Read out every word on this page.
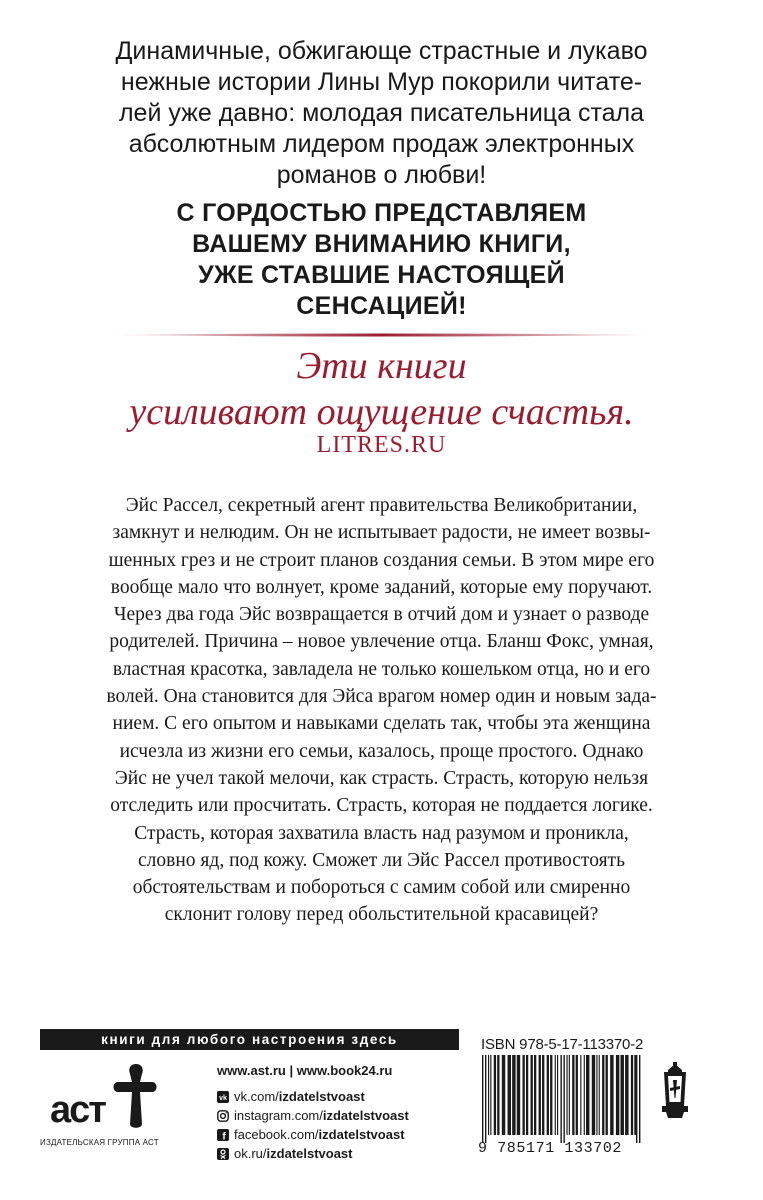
Динамичные, обжигающе страстные и лукаво
нежные истории Лины Мур покорили читате-
лей уже давно: молодая писательница стала
абсолютным лидером продаж электронных
романов о любви!
С ГОРДОСТЬЮ ПРЕДСТАВЛЯЕМ
ВАШЕМУ ВНИМАНИЮ КНИГИ,
УЖЕ СТАВШИЕ НАСТОЯЩЕЙ
СЕНСАЦИЕЙ!
Эти книги
усиливают ощущение счастья.
LITRES.RU
Эйс Рассел, секретный агент правительства Великобритании,
замкнут и нелюдим. Он не испытывает радости, не имеет возвы-
шенных грез и не строит планов создания семьи. В этом мире его
вообще мало что волнует, кроме заданий, которые ему поручают.
Через два года Эйс возвращается в отчий дом и узнает о разводе
родителей. Причина – новое увлечение отца. Бланш Фокс, умная,
властная красотка, завладела не только кошельком отца, но и его
волей. Она становится для Эйса врагом номер один и новым зада-
нием. С его опытом и навыками сделать так, чтобы эта женщина
исчезла из жизни его семьи, казалось, проще простого. Однако
Эйс не учел такой мелочи, как страсть. Страсть, которую нельзя
отследить или просчитать. Страсть, которая не поддается логике.
Страсть, которая захватила власть над разумом и проникла,
словно яд, под кожу. Сможет ли Эйс Рассел противостоять
обстоятельствам и побороться с самим собой или смиренно
склонит голову перед обольстительной красавицей?
книги для любого настроения здесь
аст
ИЗДАТЕЛЬСКАЯ ГРУППА АСТ
www.ast.ru | www.book24.ru
vk vk.com/ izdatelstvoast
instagram.com/ izdatelstvoast
f facebook.com/ izdatelstvoast
ok.ru/ izdatelstvoast
ISBN 978-5-17-113370-2
9 785171 133702
